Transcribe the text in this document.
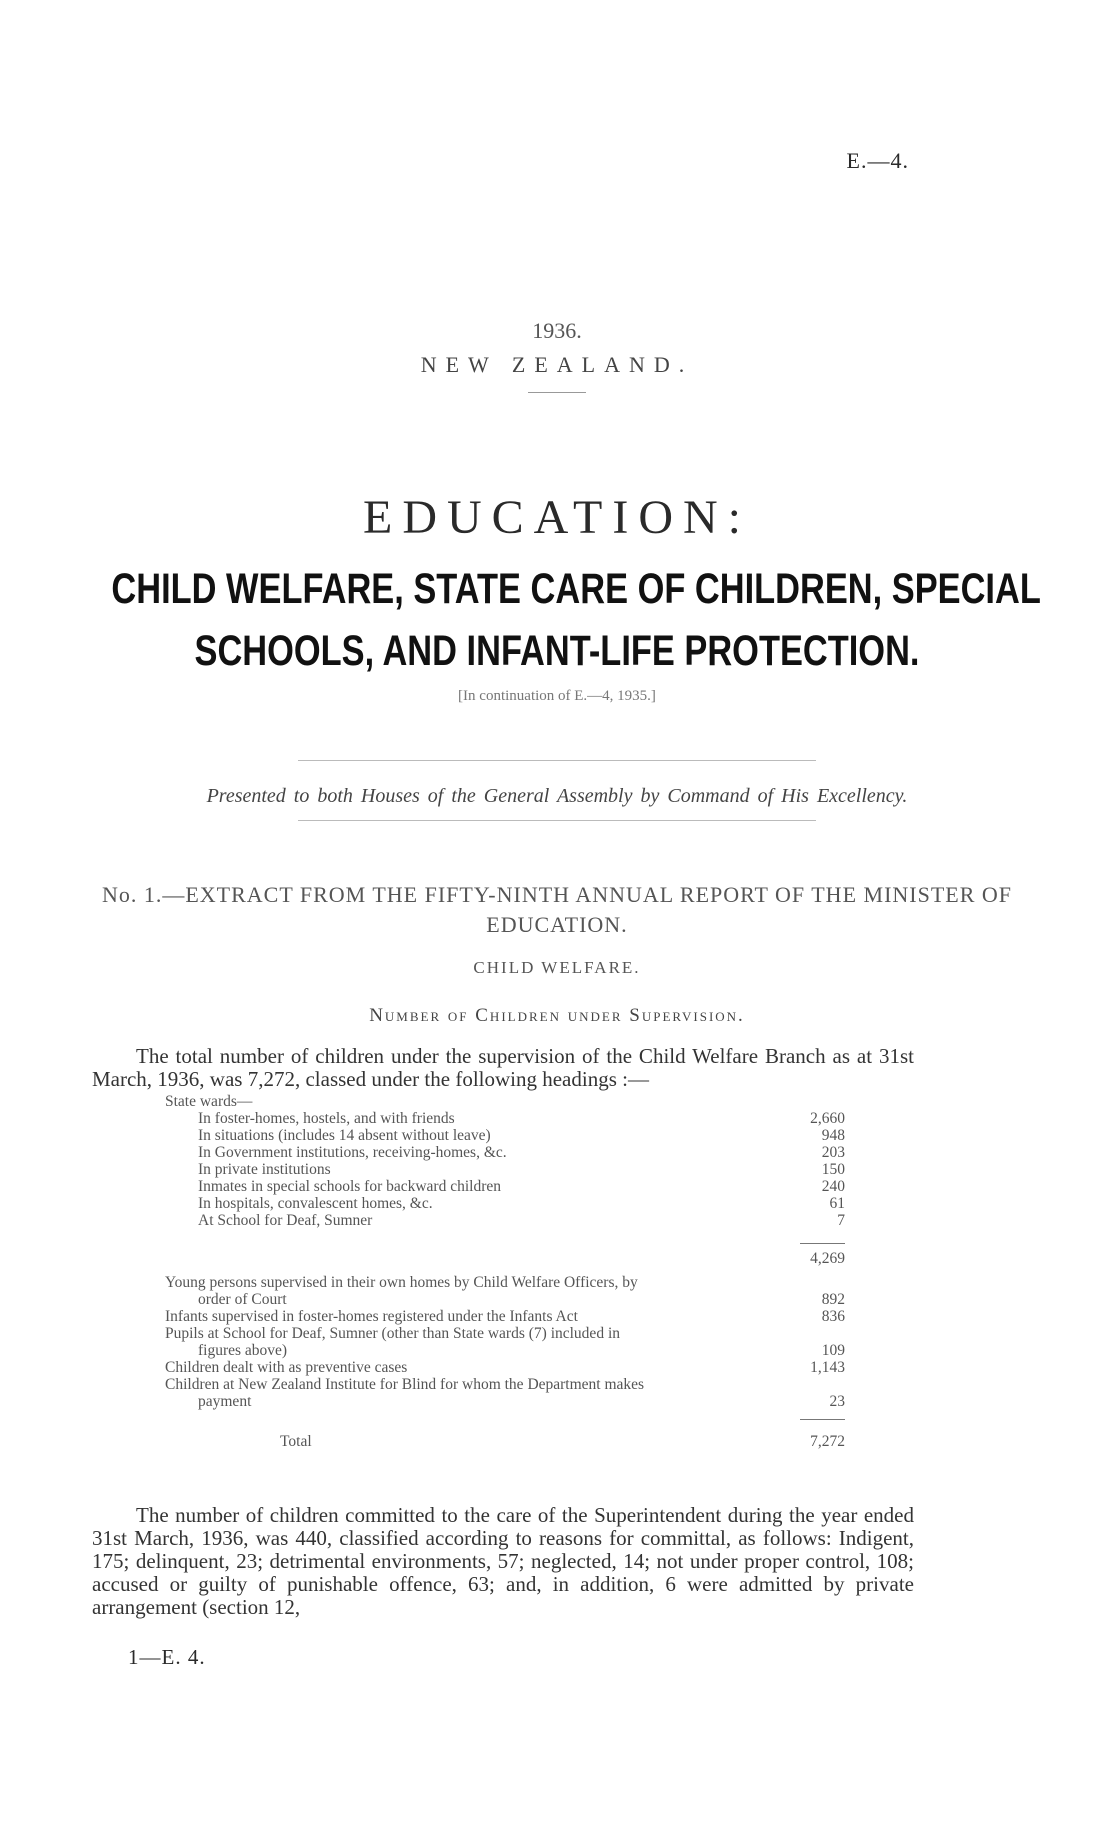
E.—4.
1936.
NEW ZEALAND.
EDUCATION:
CHILD WELFARE, STATE CARE OF CHILDREN, SPECIAL
SCHOOLS, AND INFANT-LIFE PROTECTION.
[In continuation of E.—4, 1935.]
Presented to both Houses of the General Assembly by Command of His Excellency.
No. 1.—EXTRACT FROM THE FIFTY-NINTH ANNUAL REPORT OF THE MINISTER OF EDUCATION.
CHILD WELFARE.
Number of Children under Supervision.

The total number of children under the supervision of the Child Welfare Branch as at 31st March, 1936, was 7,272, classed under the following headings :—

State wards—
In foster-homes, hostels, and with friends	2,660
In situations (includes 14 absent without leave)	948
In Government institutions, receiving-homes, &c.	203
In private institutions	150
Inmates in special schools for backward children	240
In hospitals, convalescent homes, &c.	61
At School for Deaf, Sumner	7
4,269
Young persons supervised in their own homes by Child Welfare Officers, by
order of Court	892
Infants supervised in foster-homes registered under the Infants Act	836
Pupils at School for Deaf, Sumner (other than State wards (7) included in
figures above)	109
Children dealt with as preventive cases	1,143
Children at New Zealand Institute for Blind for whom the Department makes
payment	23
Total	7,272

The number of children committed to the care of the Superintendent during the year ended 31st March, 1936, was 440, classified according to reasons for committal, as follows: Indigent, 175; delinquent, 23; detrimental environments, 57; neglected, 14; not under proper control, 108; accused or guilty of punishable offence, 63; and, in addition, 6 were admitted by private arrangement (section 12,

1—E. 4.
